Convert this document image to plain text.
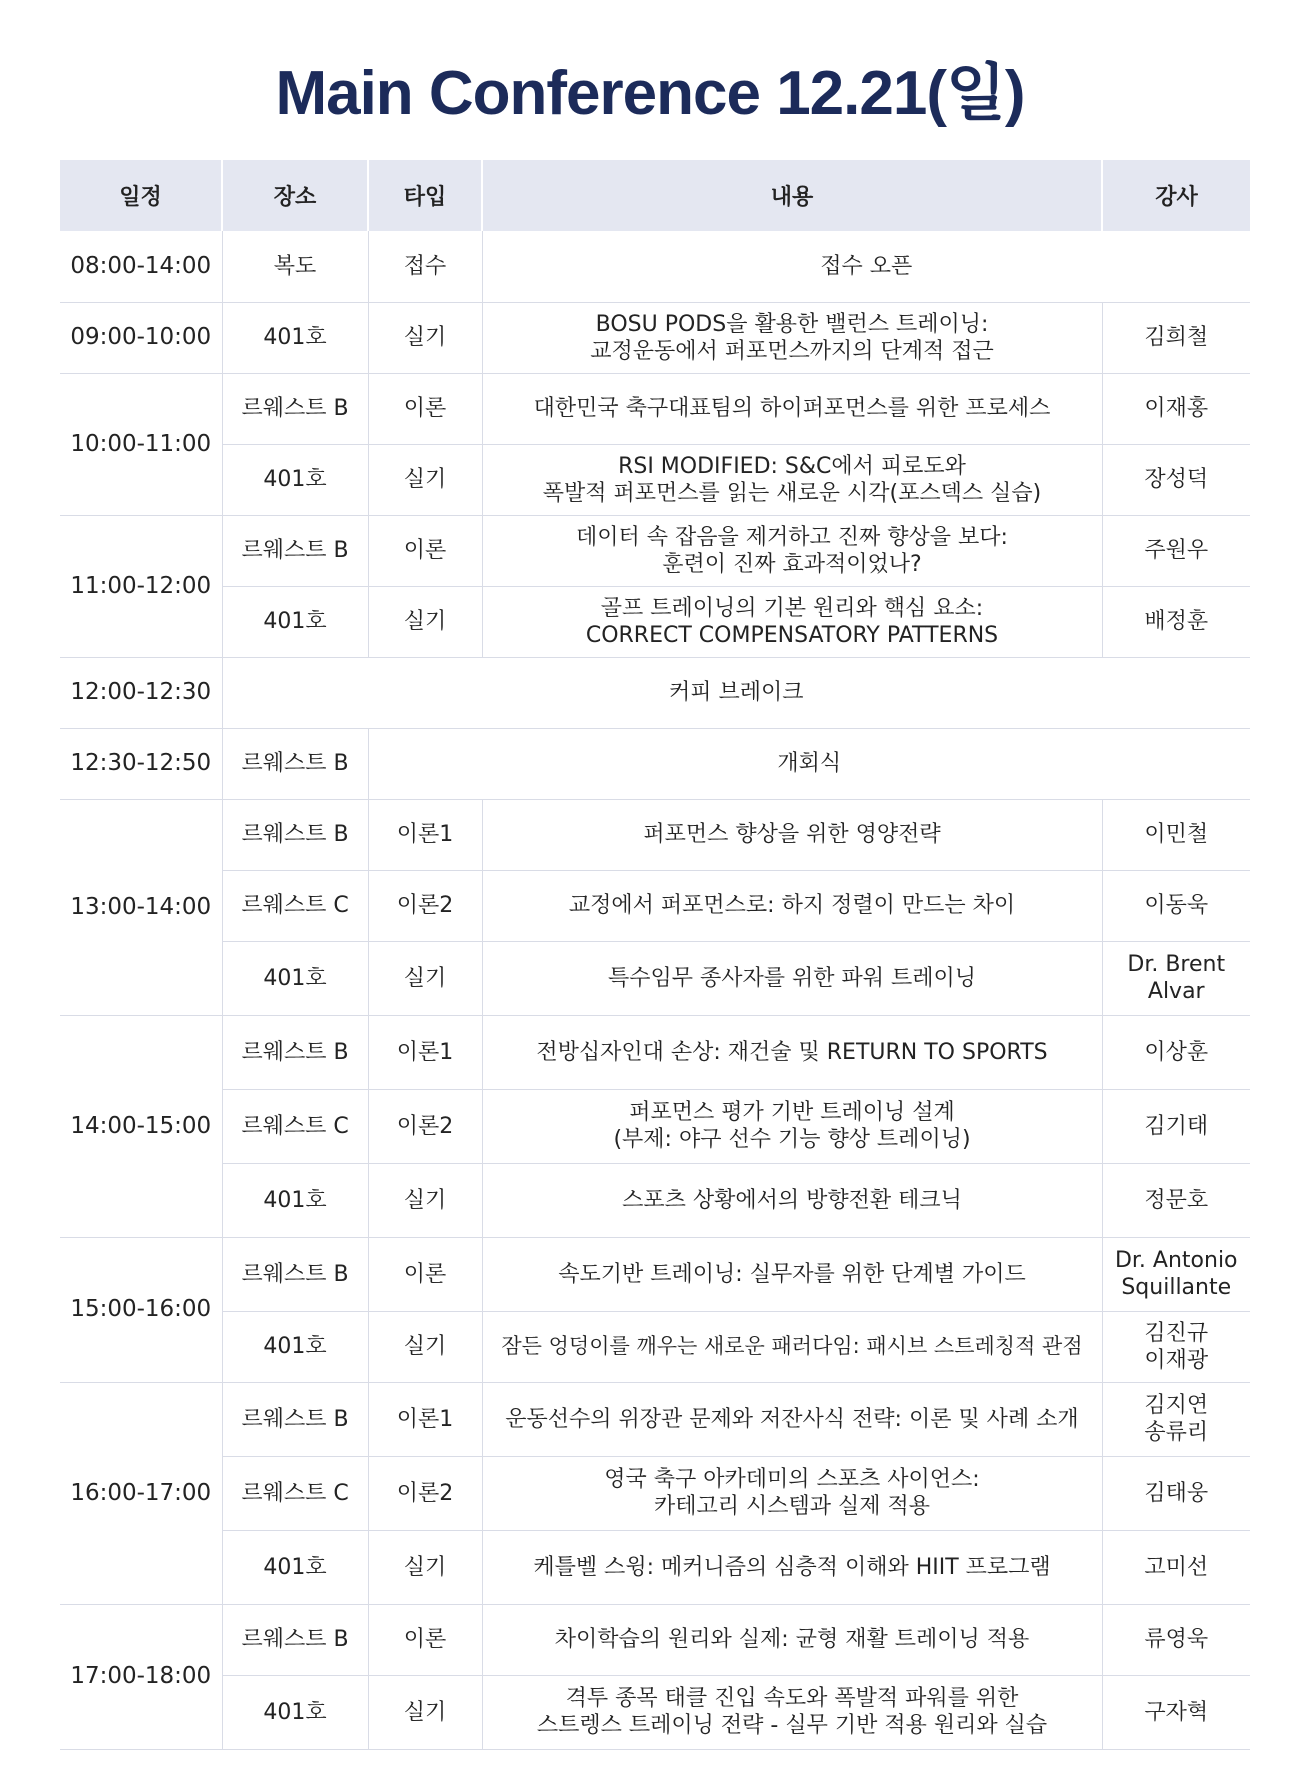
Main Conference 12.21(일)
일정	장소	타입	내용	강사
08:00-14:00	복도	접수	접수 오픈	

09:00-10:00	401호	실기	BOSU PODS을 활용한 밸런스 트레이닝:
교정운동에서 퍼포먼스까지의 단계적 접근	김희철

10:00-11:00	르웨스트 B	이론	대한민국 축구대표팀의 하이퍼포먼스를 위한 프로세스	이재홍

	401호	실기	RSI MODIFIED: S&C에서 피로도와
폭발적 퍼포먼스를 읽는 새로운 시각(포스덱스 실습)	장성덕

11:00-12:00	르웨스트 B	이론	데이터 속 잡음을 제거하고 진짜 향상을 보다:
훈련이 진짜 효과적이었나?	주원우

	401호	실기	골프 트레이닝의 기본 원리와 핵심 요소:
CORRECT COMPENSATORY PATTERNS	배정훈

12:00-12:30	커피 브레이크			

12:30-12:50	르웨스트 B	개회식		

13:00-14:00	르웨스트 B	이론1	퍼포먼스 향상을 위한 영양전략	이민철

	르웨스트 C	이론2	교정에서 퍼포먼스로: 하지 정렬이 만드는 차이	이동욱

	401호	실기	특수임무 종사자를 위한 파워 트레이닝	Dr. Brent
Alvar

14:00-15:00	르웨스트 B	이론1	전방십자인대 손상: 재건술 및 RETURN TO SPORTS	이상훈

	르웨스트 C	이론2	퍼포먼스 평가 기반 트레이닝 설계
(부제: 야구 선수 기능 향상 트레이닝)	김기태

	401호	실기	스포츠 상황에서의 방향전환 테크닉	정문호

15:00-16:00	르웨스트 B	이론	속도기반 트레이닝: 실무자를 위한 단계별 가이드	Dr. Antonio
Squillante

	401호	실기	잠든 엉덩이를 깨우는 새로운 패러다임: 패시브 스트레칭적 관점	김진규
이재광

16:00-17:00	르웨스트 B	이론1	운동선수의 위장관 문제와 저잔사식 전략: 이론 및 사례 소개	김지연
송류리

	르웨스트 C	이론2	영국 축구 아카데미의 스포츠 사이언스:
카테고리 시스템과 실제 적용	김태웅

	401호	실기	케틀벨 스윙: 메커니즘의 심층적 이해와 HIIT 프로그램	고미선

17:00-18:00	르웨스트 B	이론	차이학습의 원리와 실제: 균형 재활 트레이닝 적용	류영욱

	401호	실기	격투 종목 태클 진입 속도와 폭발적 파워를 위한
스트렝스 트레이닝 전략 - 실무 기반 적용 원리와 실습	구자혁
